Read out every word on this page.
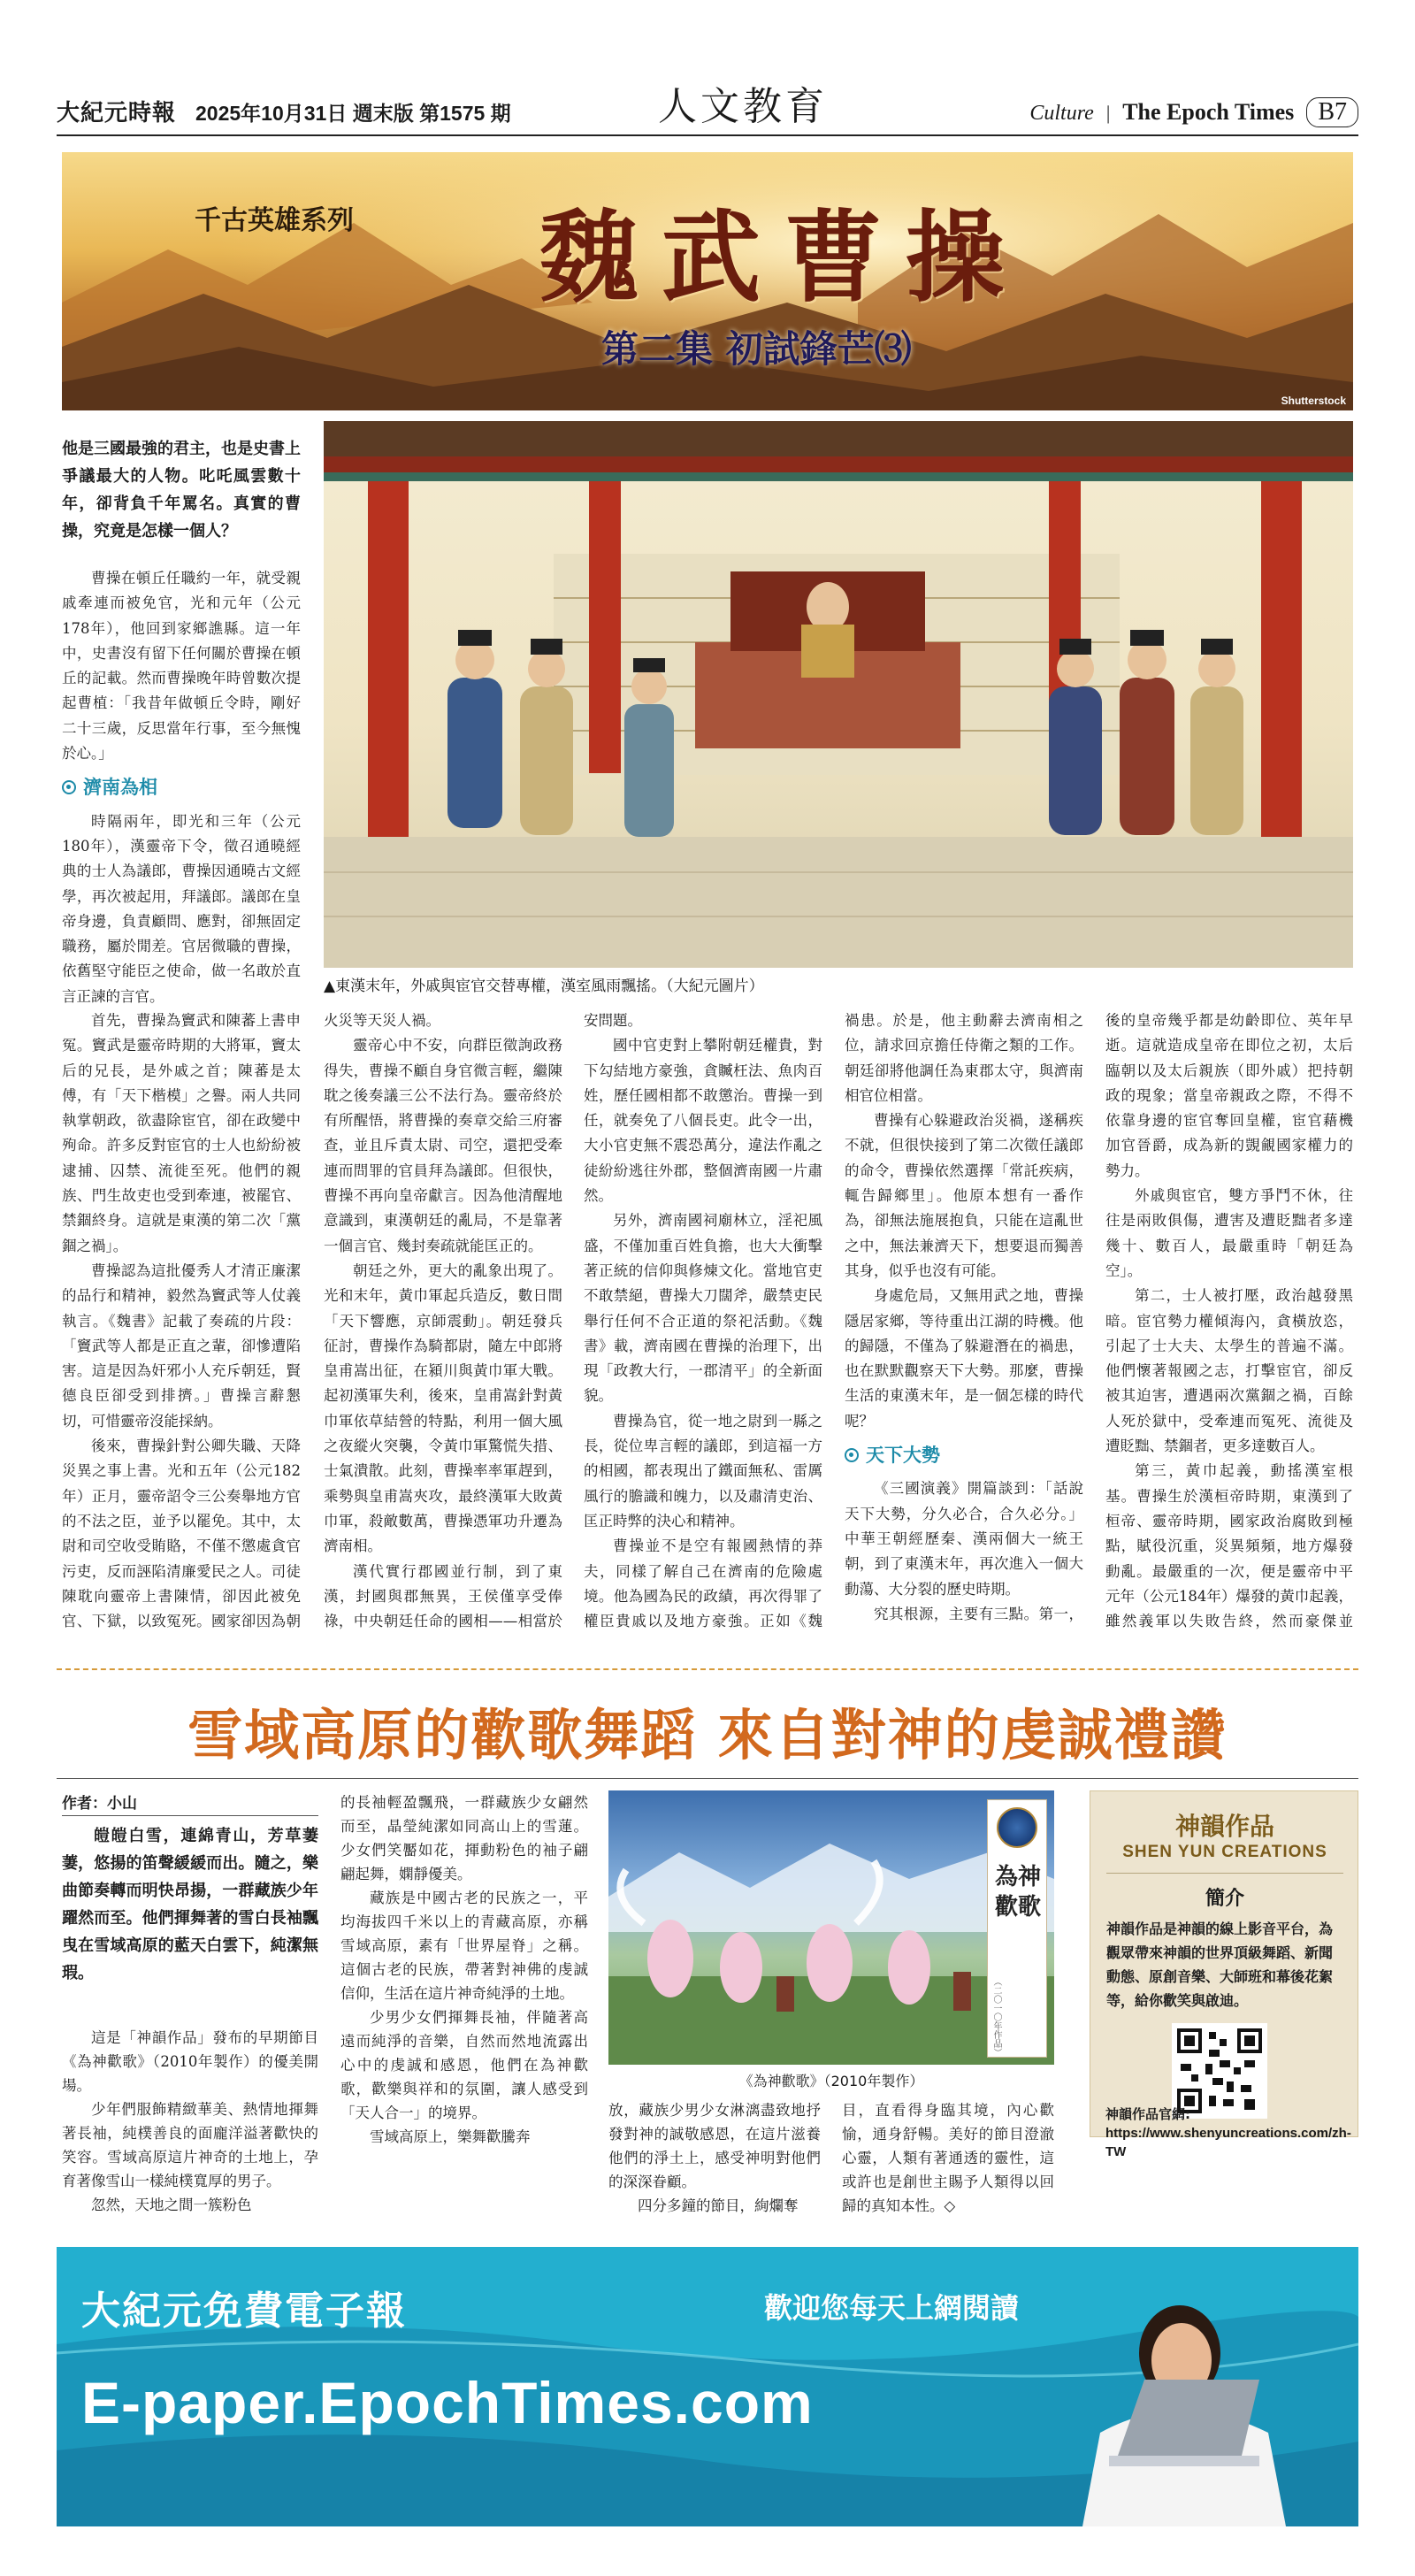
大紀元時報 2025年10月31日 週末版 第1575 期	人文教育	Culture | The Epoch Times B7
千古英雄系列 魏武曹操
第二集 初試鋒芒⑶
Shutterstock
他是三國最強的君主，也是史書上爭議最大的人物。叱吒風雲數十年，卻背負千年罵名。真實的曹操，究竟是怎樣一個人？
▲東漢末年，外戚與宦官交替專權，漢室風雨飄搖。（大紀元圖片）

曹操在頓丘任職約一年，就受親戚牽連而被免官，光和元年（公元178年），他回到家鄉譙縣。這一年中，史書沒有留下任何關於曹操在頓丘的記載。然而曹操晚年時曾數次提起曹植：「我昔年做頓丘令時，剛好二十三歲，反思當年行事，至今無愧於心。」

濟南為相

時隔兩年，即光和三年（公元180年），漢靈帝下令，徵召通曉經典的士人為議郎，曹操因通曉古文經學，再次被起用，拜議郎。議郎在皇帝身邊，負責顧問、應對，卻無固定職務，屬於閒差。官居微職的曹操，依舊堅守能臣之使命，做一名敢於直言正諫的言官。

首先，曹操為竇武和陳蕃上書申冤。竇武是靈帝時期的大將軍，竇太后的兄長，是外戚之首；陳蕃是太傅，有「天下楷模」之譽。兩人共同執掌朝政，欲盡除宦官，卻在政變中殉命。許多反對宦官的士人也紛紛被逮捕、囚禁、流徙至死。他們的親族、門生故吏也受到牽連，被罷官、禁錮終身。這就是東漢的第二次「黨錮之禍」。

曹操認為這批優秀人才清正廉潔的品行和精神，毅然為竇武等人仗義執言。《魏書》記載了奏疏的片段：「竇武等人都是正直之輩，卻慘遭陷害。這是因為奸邪小人充斥朝廷，賢德良臣卻受到排擠。」曹操言辭懇切，可惜靈帝沒能採納。

後來，曹操針對公卿失職、天降災異之事上書。光和五年（公元182年）正月，靈帝詔令三公奏舉地方官的不法之臣，並予以罷免。其中，太尉和司空收受賄賂，不僅不懲處貪官污吏，反而誣陷清廉愛民之人。司徒陳耽向靈帝上書陳情，卻因此被免官、下獄，以致冤死。國家卻因為朝

火災等天災人禍。

靈帝心中不安，向群臣徵詢政務得失，曹操不顧自身官微言輕，繼陳耽之後奏議三公不法行為。靈帝終於有所醒悟，將曹操的奏章交給三府審查，並且斥責太尉、司空，還把受牽連而問罪的官員拜為議郎。但很快，曹操不再向皇帝獻言。因為他清醒地意識到，東漢朝廷的亂局，不是靠著一個言官、幾封奏疏就能匡正的。

朝廷之外，更大的亂象出現了。光和末年，黃巾軍起兵造反，數日間「天下響應，京師震動」。朝廷發兵征討，曹操作為騎都尉，隨左中郎將皇甫嵩出征，在潁川與黃巾軍大戰。起初漢軍失利，後來，皇甫嵩針對黃巾軍依草結營的特點，利用一個大風之夜縱火突襲，令黃巾軍驚慌失措、士氣潰散。此刻，曹操率率軍趕到，乘勢與皇甫嵩夾攻，最終漢軍大敗黃巾軍，殺敵數萬，曹操憑軍功升遷為濟南相。

漢代實行郡國並行制，到了東漢，封國與郡無異，王侯僅享受俸祿，中央朝廷任命的國相——相當於

安問題。

國中官吏對上攀附朝廷權貴，對下勾結地方豪強，貪贓枉法、魚肉百姓，歷任國相都不敢懲治。曹操一到任，就奏免了八個長吏。此令一出，大小官吏無不震恐萬分，違法作亂之徒紛紛逃往外郡，整個濟南國一片肅然。

另外，濟南國祠廟林立，淫祀風盛，不僅加重百姓負擔，也大大衝擊著正統的信仰與修煉文化。當地官吏不敢禁絕，曹操大刀闊斧，嚴禁吏民舉行任何不合正道的祭祀活動。《魏書》載，濟南國在曹操的治理下，出現「政教大行，一郡清平」的全新面貌。

曹操為官，從一地之尉到一縣之長，從位卑言輕的議郎，到這福一方的相國，都表現出了鐵面無私、雷厲風行的膽識和魄力，以及肅清吏治、匡正時弊的決心和精神。

曹操並不是空有報國熱情的莽夫，同樣了解自己在濟南的危險處境。他為國為民的政績，再次得罪了權臣貴戚以及地方豪強。正如《魏

禍患。於是，他主動辭去濟南相之位，請求回京擔任侍衛之類的工作。朝廷卻將他調任為東郡太守，與濟南相官位相當。

曹操有心躲避政治災禍，遂稱疾不就，但很快接到了第二次徵任議郎的命令，曹操依然選擇「常託疾病，輒告歸鄉里」。他原本想有一番作為，卻無法施展抱負，只能在這亂世之中，無法兼濟天下，想要退而獨善其身，似乎也沒有可能。

身處危局，又無用武之地，曹操隱居家鄉，等待重出江湖的時機。他的歸隱，不僅為了躲避潛在的禍患，也在默默觀察天下大勢。那麼，曹操生活的東漢末年，是一個怎樣的時代呢？

天下大勢

《三國演義》開篇談到：「話說天下大勢，分久必合，合久必分。」中華王朝經歷秦、漢兩個大一統王朝，到了東漢末年，再次進入一個大動蕩、大分裂的歷史時期。

究其根源，主要有三點。第一，

後的皇帝幾乎都是幼齡即位、英年早逝。這就造成皇帝在即位之初，太后臨朝以及太后親族（即外戚）把持朝政的現象；當皇帝親政之際，不得不依靠身邊的宦官奪回皇權，宦官藉機加官晉爵，成為新的覬覦國家權力的勢力。

外戚與宦官，雙方爭鬥不休，往往是兩敗俱傷，遭害及遭貶黜者多達幾十、數百人，最嚴重時「朝廷為空」。

第二，士人被打壓，政治越發黑暗。宦官勢力權傾海內，貪橫放恣，引起了士大夫、太學生的普遍不滿。他們懷著報國之志，打擊宦官，卻反被其迫害，遭遇兩次黨錮之禍，百餘人死於獄中，受牽連而冤死、流徙及遭貶黜、禁錮者，更多達數百人。

第三，黃巾起義，動搖漢室根基。曹操生於漢桓帝時期，東漢到了桓帝、靈帝時期，國家政治腐敗到極點，賦役沉重，災異頻頻，地方爆發動亂。最嚴重的一次，便是靈帝中平元年（公元184年）爆發的黃巾起義，雖然義軍以失敗告終，然而豪傑並

雪域高原的歡歌舞蹈 來自對神的虔誠禮讚
作者：小山

皚皚白雪，連綿青山，芳草萋萋，悠揚的笛聲緩緩而出。隨之，樂曲節奏轉而明快昂揚，一群藏族少年躍然而至。他們揮舞著的雪白長袖飄曳在雪域高原的藍天白雲下，純潔無瑕。

這是「神韻作品」發布的早期節目《為神歡歌》（2010年製作）的優美開場。

少年們服飾精緻華美、熱情地揮舞著長袖，純樸善良的面龐洋溢著歡快的笑容。雪域高原這片神奇的土地上，孕育著像雪山一樣純樸寬厚的男子。

忽然，天地之間一簇粉色

的長袖輕盈飄飛，一群藏族少女翩然而至，晶瑩純潔如同高山上的雪蓮。少女們笑靨如花，揮動粉色的袖子翩翩起舞，嫻靜優美。

藏族是中國古老的民族之一，平均海拔四千米以上的青藏高原，亦稱雪域高原，素有「世界屋脊」之稱。這個古老的民族，帶著對神佛的虔誠信仰，生活在這片神奇純淨的土地。

少男少女們揮舞長袖，伴隨著高遠而純淨的音樂，自然而然地流露出心中的虔誠和感恩，他們在為神歡歌，歡樂與祥和的氛圍，讓人感受到「天人合一」的境界。

雪域高原上，樂舞歡騰奔

為神歡歌
（二〇一〇年作品）
《為神歡歌》（2010年製作）

放，藏族少男少女淋漓盡致地抒發對神的誠敬感恩，在這片滋養他們的淨土上，感受神明對他們的深深眷顧。

四分多鐘的節目，絢爛奪

目，直看得身臨其境，內心歡愉，通身舒暢。美好的節目澄澈心靈，人類有著通透的靈性，這或許也是創世主賜予人類得以回歸的真知本性。◇

神韻作品
SHEN YUN CREATIONS
簡介
神韻作品是神韻的線上影音平台，為觀眾帶來神韻的世界頂級舞蹈、新聞動態、原創音樂、大師班和幕後花絮等，給你歡笑與啟迪。
神韻作品官網:
https://www.shenyuncreations.com/zh-TW
大紀元免費電子報	歡迎您每天上網閱讀
E-paper.EpochTimes.com
